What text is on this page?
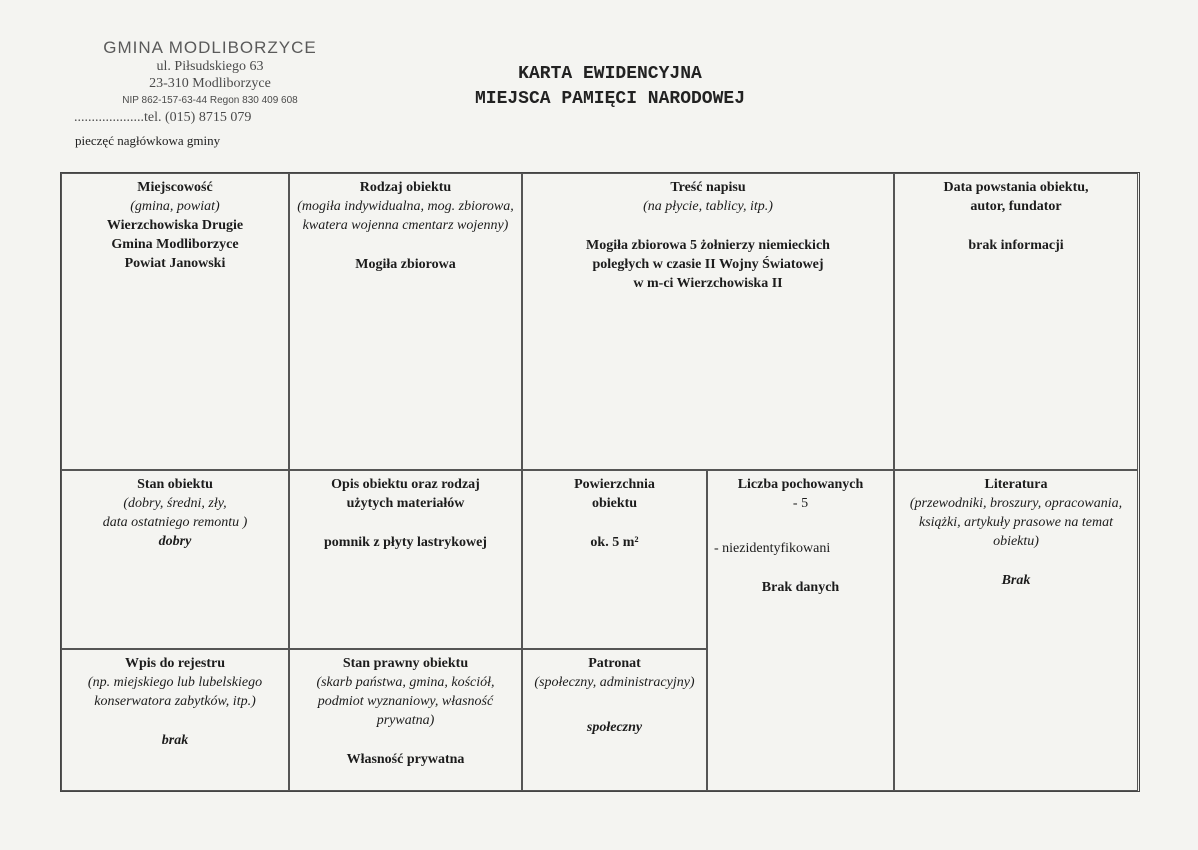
GMINA MODLIBORZYCE
ul. Piłsudskiego 63
23-310 Modliborzyce
NIP 862-157-63-44 Regon 830 409 608
....................tel. (015) 8715 079
pieczęć nagłówkowa gminy
KARTA EWIDENCYJNA
MIEJSCA PAMIĘCI NARODOWEJ
Miejscowość
(gmina, powiat)
Wierzchowiska Drugie
Gmina Modliborzyce
Powiat Janowski
Rodzaj obiektu
(mogiła indywidualna, mog. zbiorowa, kwatera wojenna cmentarz wojenny)
Mogiła zbiorowa
Treść napisu
(na płycie, tablicy, itp.)
Mogiła zbiorowa 5 żołnierzy niemieckich
poległych w czasie II Wojny Światowej
w m-ci Wierzchowiska II
Data powstania obiektu,
autor, fundator
brak informacji
Stan obiektu
(dobry, średni, zły,
data ostatniego remontu )
dobry
Opis obiektu oraz rodzaj
użytych materiałów
pomnik z płyty lastrykowej
Powierzchnia
obiektu
ok. 5 m²
Liczba pochowanych
- 5
- niezidentyfikowani
Brak danych
Literatura
(przewodniki, broszury, opracowania, książki, artykuły prasowe na temat obiektu)
Brak
Wpis do rejestru
(np. miejskiego lub lubelskiego konserwatora zabytków, itp.)
brak
Stan prawny obiektu
(skarb państwa, gmina, kościół, podmiot wyznaniowy, własność prywatna)
Własność prywatna
Patronat
(społeczny, administracyjny)
społeczny
